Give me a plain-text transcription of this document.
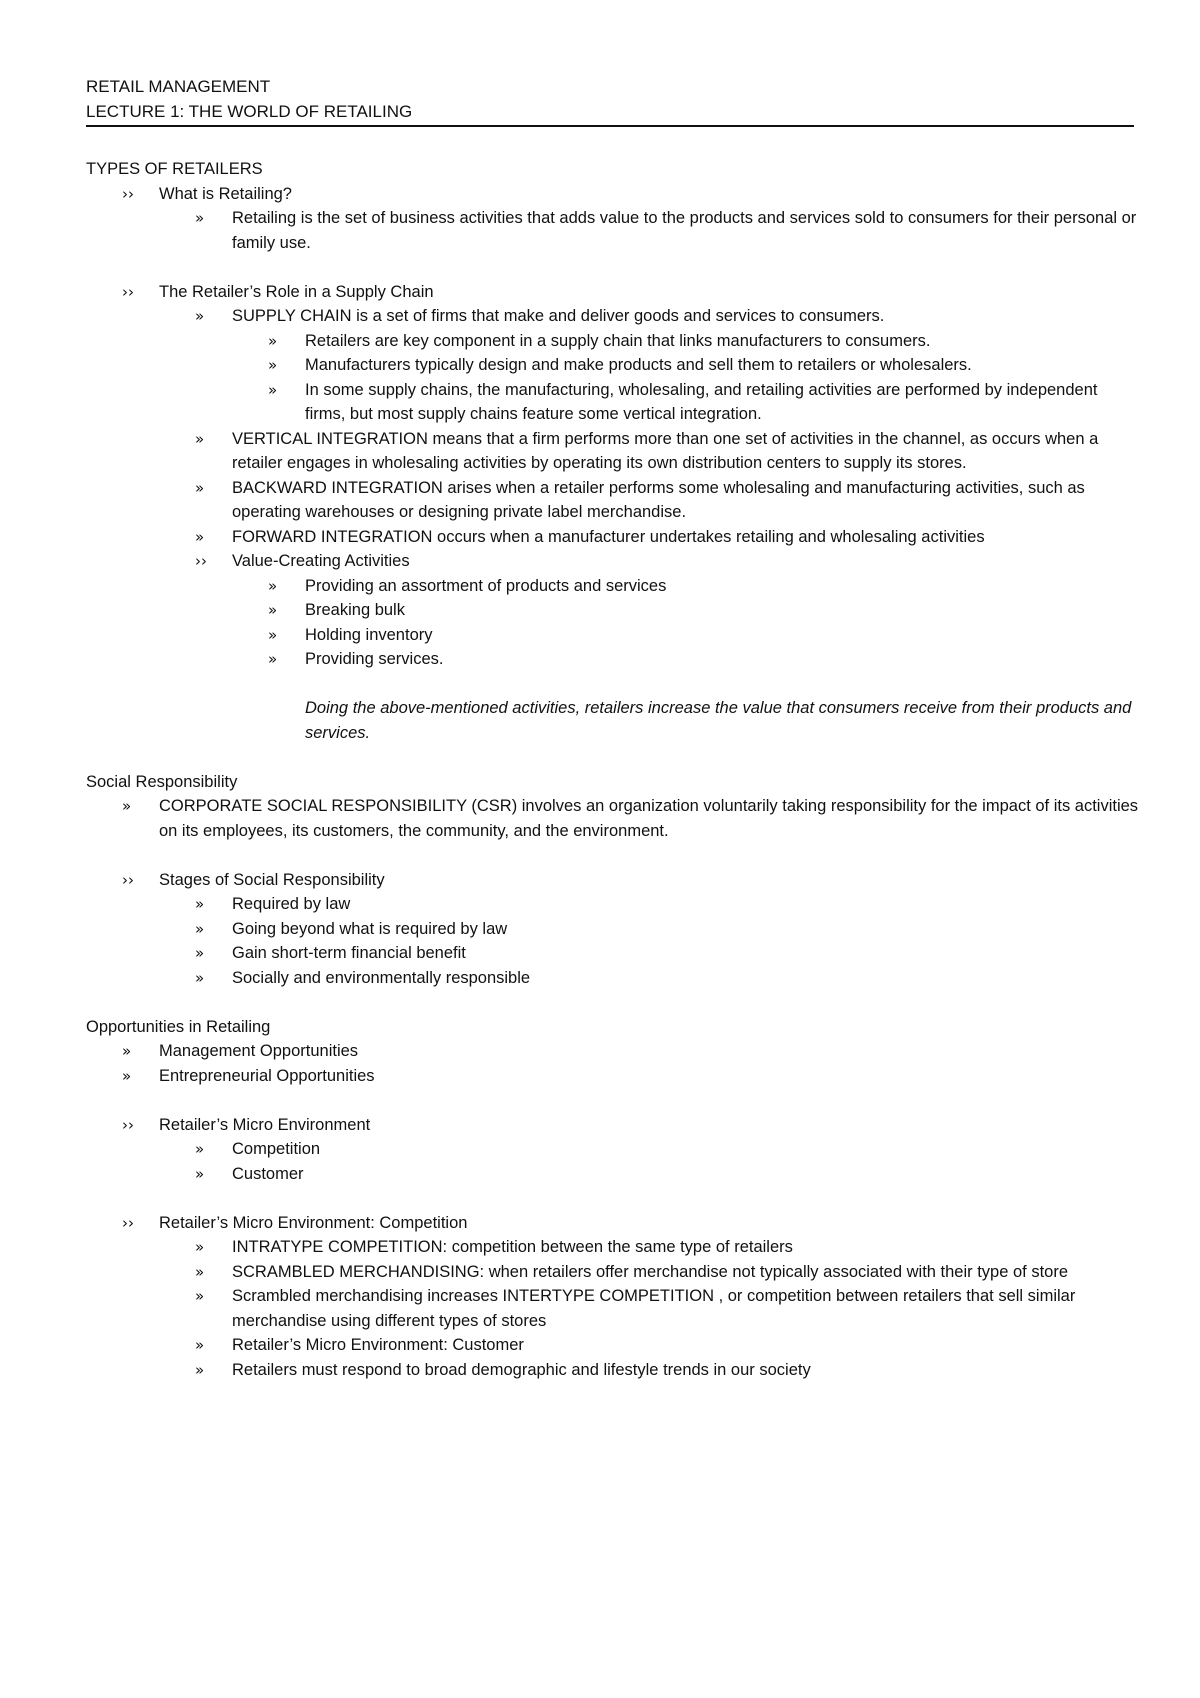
RETAIL MANAGEMENT
LECTURE 1: THE WORLD OF RETAILING

TYPES OF RETAILERS

›› What is Retailing?
» Retailing is the set of business activities that adds value to the products and services sold to consumers for their personal or family use.
›› The Retailer’s Role in a Supply Chain
» SUPPLY CHAIN is a set of firms that make and deliver goods and services to consumers.
» Retailers are key component in a supply chain that links manufacturers to consumers.
» Manufacturers typically design and make products and sell them to retailers or wholesalers.
» In some supply chains, the manufacturing, wholesaling, and retailing activities are performed by independent firms, but most supply chains feature some vertical integration.
» VERTICAL INTEGRATION means that a firm performs more than one set of activities in the channel, as occurs when a retailer engages in wholesaling activities by operating its own distribution centers to supply its stores.
» BACKWARD INTEGRATION arises when a retailer performs some wholesaling and manufacturing activities, such as operating warehouses or designing private label merchandise.
» FORWARD INTEGRATION occurs when a manufacturer undertakes retailing and wholesaling activities
›› Value-Creating Activities
» Providing an assortment of products and services
» Breaking bulk
» Holding inventory
» Providing services.

Doing the above-mentioned activities, retailers increase the value that consumers receive from their products and services.

Social Responsibility

» CORPORATE SOCIAL RESPONSIBILITY (CSR) involves an organization voluntarily taking responsibility for the impact of its activities on its employees, its customers, the community, and the environment.
›› Stages of Social Responsibility
» Required by law
» Going beyond what is required by law
» Gain short-term financial benefit
» Socially and environmentally responsible

Opportunities in Retailing

» Management Opportunities
» Entrepreneurial Opportunities
›› Retailer’s Micro Environment
» Competition
» Customer
›› Retailer’s Micro Environment: Competition
» INTRATYPE COMPETITION: competition between the same type of retailers
» SCRAMBLED MERCHANDISING: when retailers offer merchandise not typically associated with their type of store
» Scrambled merchandising increases INTERTYPE COMPETITION , or competition between retailers that sell similar merchandise using different types of stores
» Retailer’s Micro Environment: Customer
» Retailers must respond to broad demographic and lifestyle trends in our society
